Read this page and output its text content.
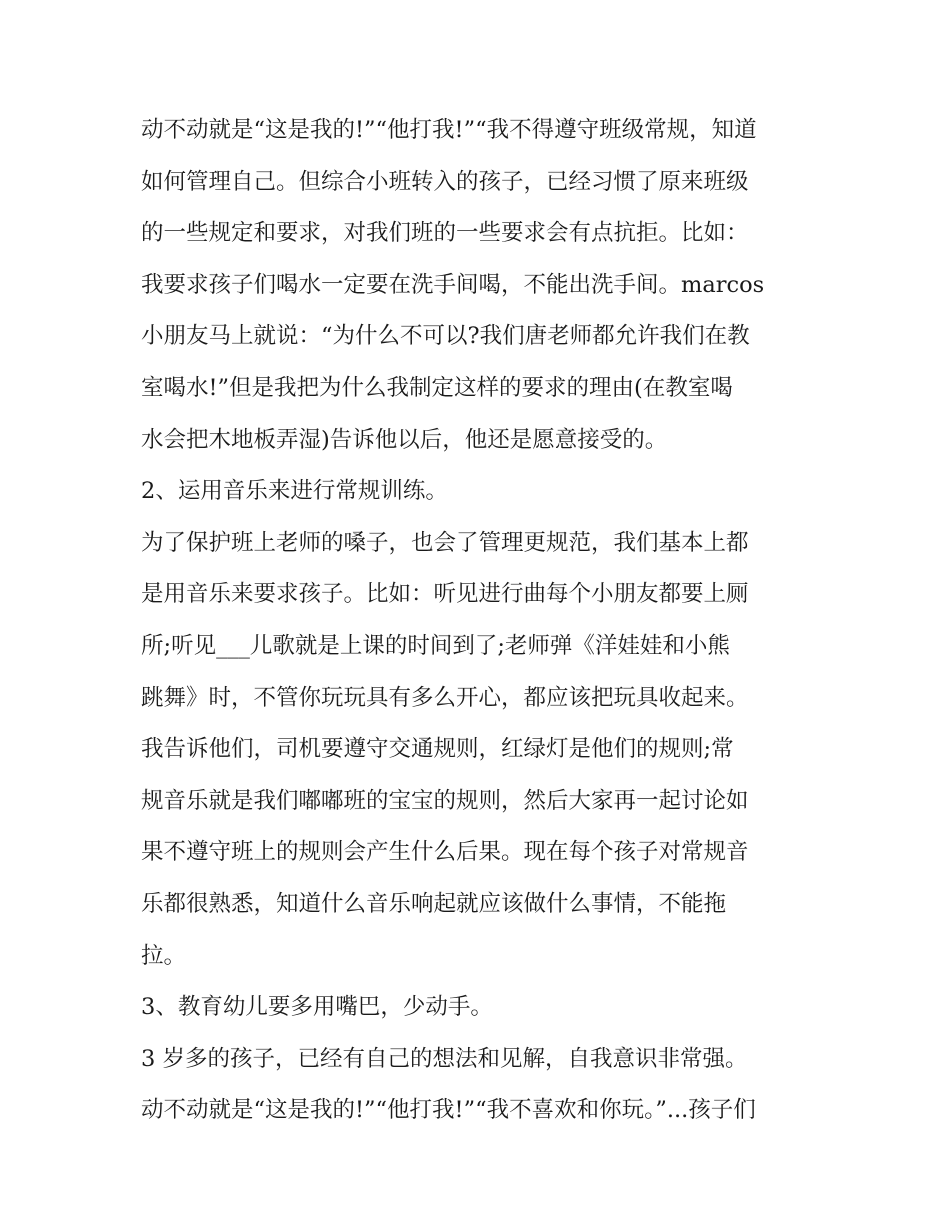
动不动就是“这是我的!”“他打我!”“我不得遵守班级常规，知道
如何管理自己。但综合小班转入的孩子，已经习惯了原来班级
的一些规定和要求，对我们班的一些要求会有点抗拒。比如：
我要求孩子们喝水一定要在洗手间喝，不能出洗手间。marcos
小朋友马上就说：“为什么不可以?我们唐老师都允许我们在教
室喝水!”但是我把为什么我制定这样的要求的理由(在教室喝
水会把木地板弄湿)告诉他以后，他还是愿意接受的。
2、运用音乐来进行常规训练。
为了保护班上老师的嗓子，也会了管理更规范，我们基本上都
是用音乐来要求孩子。比如：听见进行曲每个小朋友都要上厕
所;听见___儿歌就是上课的时间到了;老师弹《洋娃娃和小熊
跳舞》时，不管你玩玩具有多么开心，都应该把玩具收起来。
我告诉他们，司机要遵守交通规则，红绿灯是他们的规则;常
规音乐就是我们嘟嘟班的宝宝的规则，然后大家再一起讨论如
果不遵守班上的规则会产生什么后果。现在每个孩子对常规音
乐都很熟悉，知道什么音乐响起就应该做什么事情，不能拖
拉。
3、教育幼儿要多用嘴巴，少动手。
3 岁多的孩子，已经有自己的想法和见解，自我意识非常强。
动不动就是“这是我的!”“他打我!”“我不喜欢和你玩。”...孩子们
